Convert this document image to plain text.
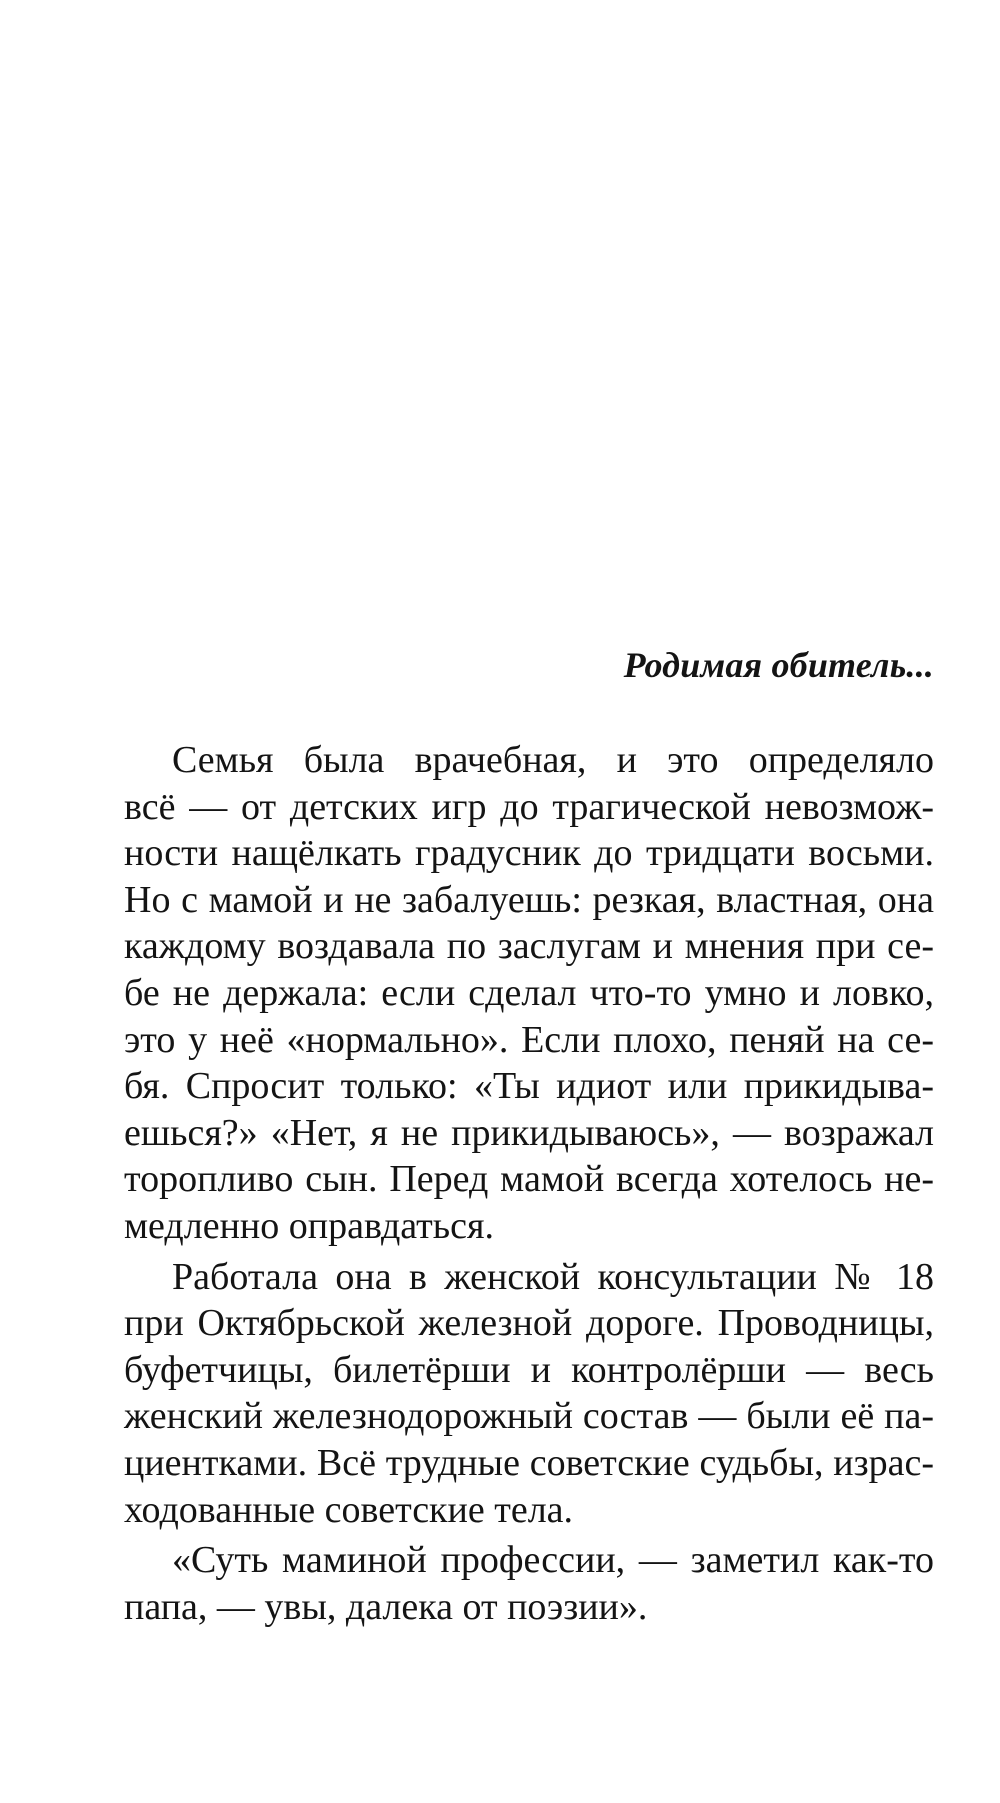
Родимая обитель...
Семья была врачебная, и это определяло
всё — от детских игр до трагической невозмож-
ности нащёлкать градусник до тридцати восьми.
Но с мамой и не забалуешь: резкая, властная, она
каждому воздавала по заслугам и мнения при се-
бе не держала: если сделал что-то умно и ловко,
это у неё «нормально». Если плохо, пеняй на се-
бя. Спросит только: «Ты идиот или прикидыва-
ешься?» «Нет, я не прикидываюсь», — возражал
торопливо сын. Перед мамой всегда хотелось не-
медленно оправдаться.
Работала она в женской консультации № 18
при Октябрьской железной дороге. Проводницы,
буфетчицы, билетёрши и контролёрши — весь
женский железнодорожный состав — были её па-
циентками. Всё трудные советские судьбы, израс-
ходованные советские тела.
«Суть маминой профессии, — заметил как-то
папа, — увы, далека от поэзии».
